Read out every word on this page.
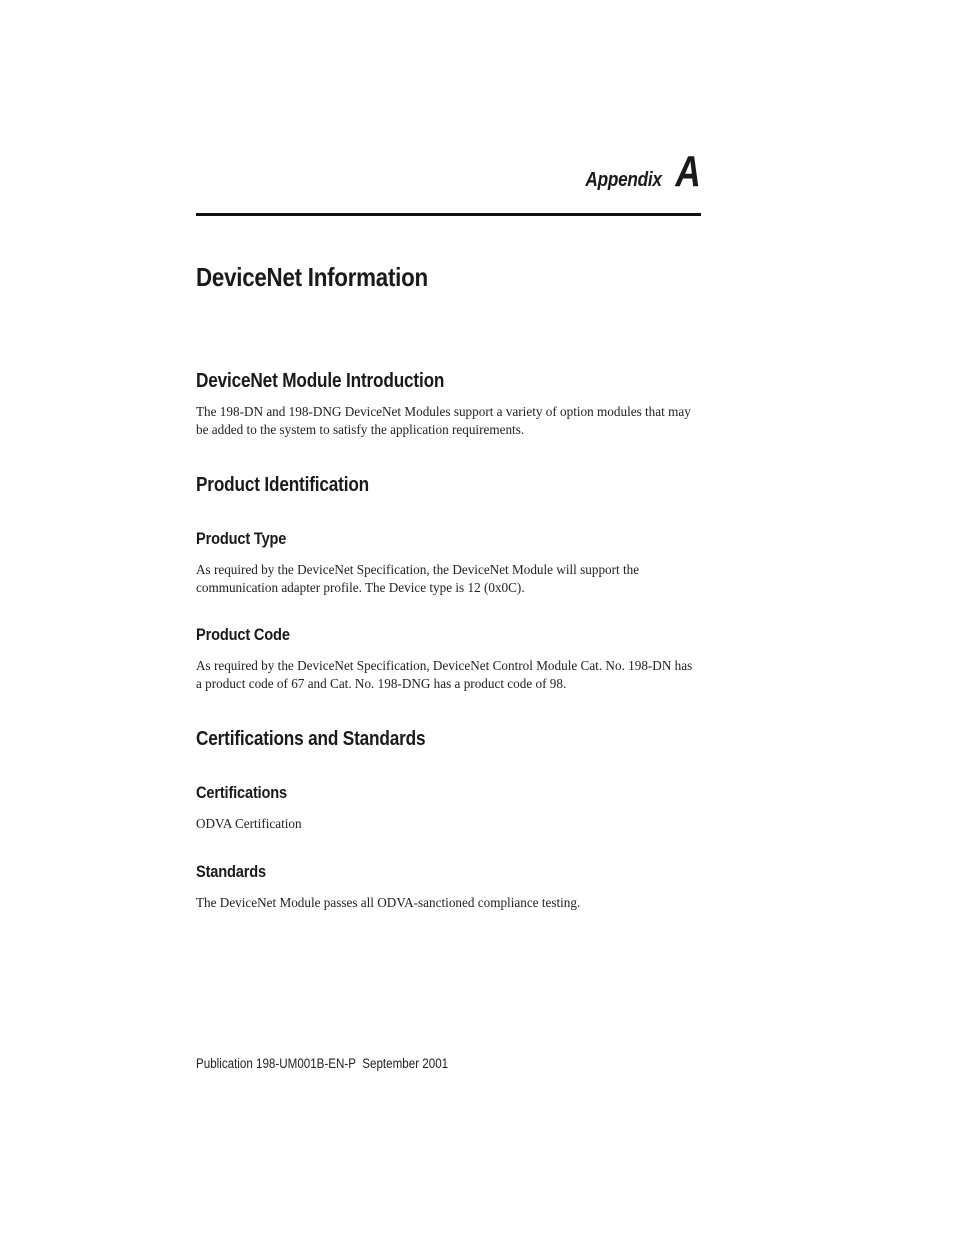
Appendix A
DeviceNet Information
DeviceNet Module Introduction

The 198-DN and 198-DNG DeviceNet Modules support a variety of option modules that may be added to the system to satisfy the application requirements.

Product Identification
Product Type

As required by the DeviceNet Specification, the DeviceNet Module will support the communication adapter profile. The Device type is 12 (0x0C).

Product Code

As required by the DeviceNet Specification, DeviceNet Control Module Cat. No. 198-DN has a product code of 67 and Cat. No. 198-DNG has a product code of 98.

Certifications and Standards
Certifications

ODVA Certification

Standards

The DeviceNet Module passes all ODVA-sanctioned compliance testing.

Publication 198-UM001B-EN-P  September 2001
